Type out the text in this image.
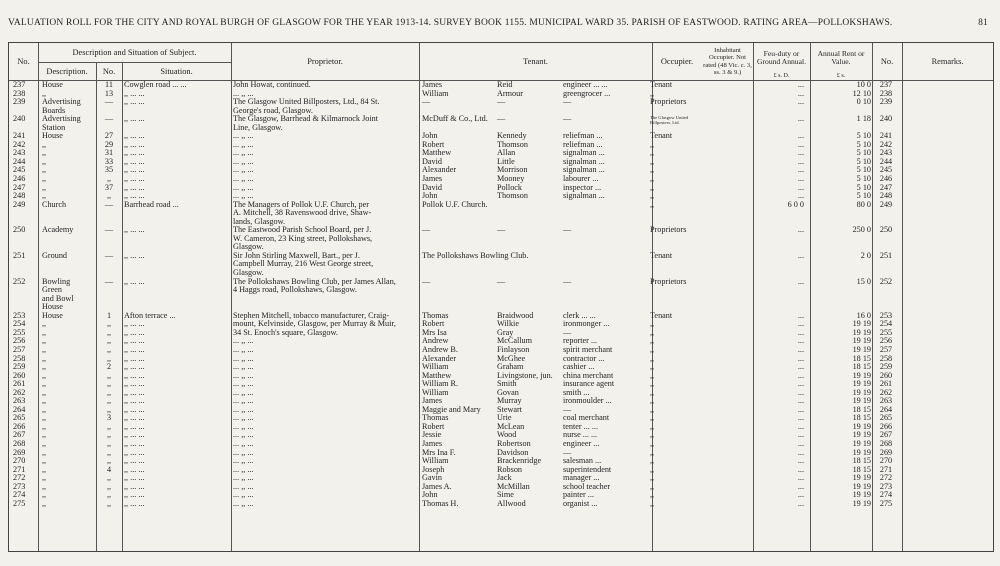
VALUATION ROLL FOR THE CITY AND ROYAL BURGH OF GLASGOW FOR THE YEAR 1913-14. SURVEY BOOK 1155. MUNICIPAL WARD 35. PARISH OF EASTWOOD. RATING AREA—POLLOKSHAWS.	81
No.
Description and Situation of Subject.
Description.	No.	Situation.
Proprietor.	Tenant.	Occupier.
Inhabitant Occupier. Not rated (48 Vic. c. 3, ss. 3 & 9.)
Feu-duty or Ground Annual.
Annual Rent or Value.
£ s. D.	£ s.
No.	Remarks.
237	House	11	Cowglen road ... ...	John Howat, continued.	James	Reid	engineer ... ...	Tenant	...	10 0	237
238	,,	13	,, ... ...	... ,, ...	William	Armour	greengrocer ...	,,	...	12 10	238
239	Advertising	—	,, ... ...	The Glasgow United Billposters, Ltd., 84 St.	—	—	—	Proprietors	...	0 10	239
Boards	George's road, Glasgow.
240	Advertising	—	,, ... ...	The Glasgow, Barrhead & Kilmarnock Joint	McDuff & Co., Ltd.	—	—	The Glasgow United Billposters, Ltd.	...	1 18	240
Station	Line, Glasgow.
241	House	27	,, ... ...	... ,, ...	John	Kennedy	reliefman ...	Tenant	...	5 10	241
242	,,	29	,, ... ...	... ,, ...	Robert	Thomson	reliefman ...	,,	...	5 10	242
243	,,	31	,, ... ...	... ,, ...	Matthew	Allan	signalman ...	,,	...	5 10	243
244	,,	33	,, ... ...	... ,, ...	David	Little	signalman ...	,,	...	5 10	244
245	,,	35	,, ... ...	... ,, ...	Alexander	Morrison	signalman ...	,,	...	5 10	245
246	,,	,,	,, ... ...	... ,, ...	James	Mooney	labourer ...	,,	...	5 10	246
247	,,	37	,, ... ...	... ,, ...	David	Pollock	inspector ...	,,	...	5 10	247
248	,,	,,	,, ... ...	... ,, ...	John	Thomson	signalman ...	,,	...	5 10	248
249	Church	—	Barrhead road ...	The Managers of Pollok U.F. Church, per	Pollok U.F. Church.	,,	6 0 0	80 0	249
A. Mitchell, 38 Ravenswood drive, Shaw-
lands, Glasgow.
250	Academy	—	,, ... ...	The Eastwood Parish School Board, per J.	—	—	—	Proprietors	...	250 0	250
W. Cameron, 23 King street, Pollokshaws,
Glasgow.
251	Ground	—	,, ... ...	Sir John Stirling Maxwell, Bart., per J.	The Pollokshaws Bowling Club.	Tenant	...	2 0	251
Campbell Murray, 216 West George street,
Glasgow.
252	Bowling	—	,, ... ...	The Pollokshaws Bowling Club, per James Allan,	—	—	—	Proprietors	...	15 0	252
Green	4 Haggs road, Pollokshaws, Glasgow.
and Bowl
House
253	House	1	Afton terrace ...	Stephen Mitchell, tobacco manufacturer, Craig-	Thomas	Braidwood	clerk ... ...	Tenant	...	16 0	253
254	,,	,,	,, ... ...	mount, Kelvinside, Glasgow, per Murray & Muir,	Robert	Wilkie	ironmonger ...	,,	...	19 19	254
255	,,	,,	,, ... ...	34 St. Enoch's square, Glasgow.	Mrs Isa	Gray	—	,,	...	19 19	255
256	,,	,,	,, ... ...	... ,, ...	Andrew	McCallum	reporter ...	,,	...	19 19	256
257	,,	,,	,, ... ...	... ,, ...	Andrew B.	Finlayson	spirit merchant	,,	...	19 19	257
258	,,	,,	,, ... ...	... ,, ...	Alexander	McGhee	contractor ...	,,	...	18 15	258
259	,,	2	,, ... ...	... ,, ...	William	Graham	cashier ...	,,	...	18 15	259
260	,,	,,	,, ... ...	... ,, ...	Matthew	Livingstone, jun.	china merchant	,,	...	19 19	260
261	,,	,,	,, ... ...	... ,, ...	William R.	Smith	insurance agent	,,	...	19 19	261
262	,,	,,	,, ... ...	... ,, ...	William	Govan	smith ...	,,	...	19 19	262
263	,,	,,	,, ... ...	... ,, ...	James	Murray	ironmoulder ...	,,	...	19 19	263
264	,,	,,	,, ... ...	... ,, ...	Maggie and Mary	Stewart	—	,,	...	18 15	264
265	,,	3	,, ... ...	... ,, ...	Thomas	Urie	coal merchant	,,	...	18 15	265
266	,,	,,	,, ... ...	... ,, ...	Robert	McLean	tenter ... ...	,,	...	19 19	266
267	,,	,,	,, ... ...	... ,, ...	Jessie	Wood	nurse ... ...	,,	...	19 19	267
268	,,	,,	,, ... ...	... ,, ...	James	Robertson	engineer ...	,,	...	19 19	268
269	,,	,,	,, ... ...	... ,, ...	Mrs Ina F.	Davidson	—	,,	...	19 19	269
270	,,	,,	,, ... ...	... ,, ...	William	Brackenridge	salesman ...	,,	...	18 15	270
271	,,	4	,, ... ...	... ,, ...	Joseph	Robson	superintendent	,,	...	18 15	271
272	,,	,,	,, ... ...	... ,, ...	Gavin	Jack	manager ...	,,	...	19 19	272
273	,,	,,	,, ... ...	... ,, ...	James A.	McMillan	school teacher	,,	...	19 19	273
274	,,	,,	,, ... ...	... ,, ...	John	Sime	painter ...	,,	...	19 19	274
275	,,	,,	,, ... ...	... ,, ...	Thomas H.	Allwood	organist ...	,,	...	19 19	275
